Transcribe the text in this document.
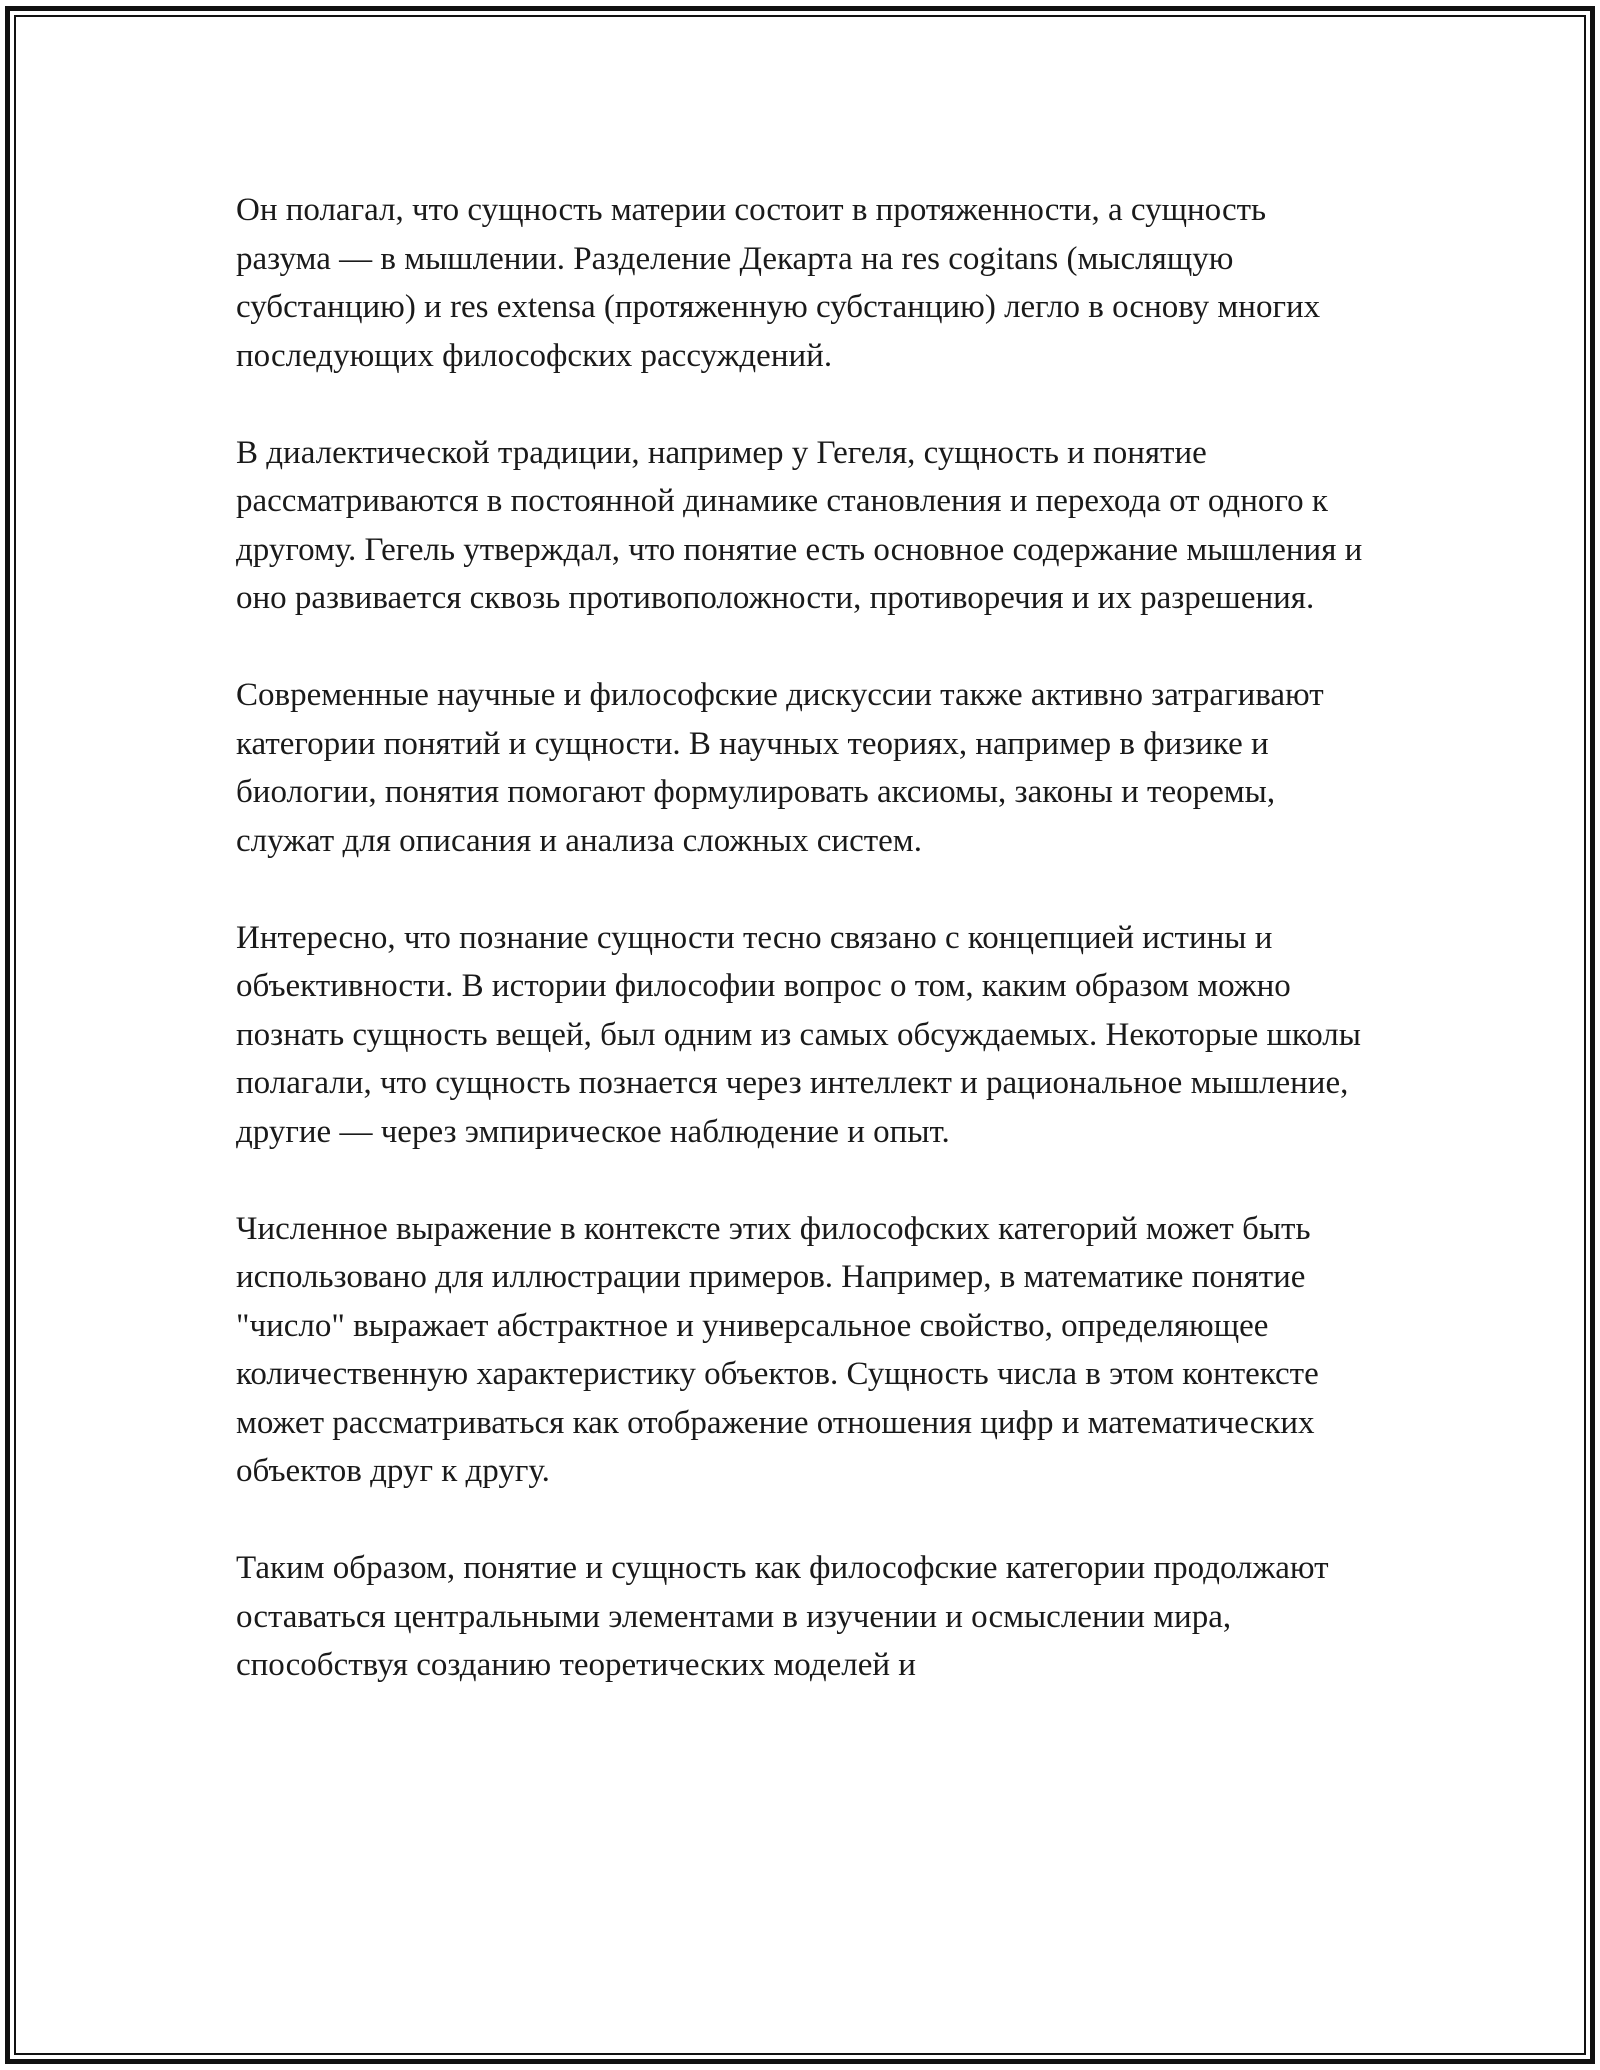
Он полагал, что сущность материи состоит в протяженности, а сущность разума — в мышлении. Разделение Декарта на res cogitans (мыслящую субстанцию) и res extensa (протяженную субстанцию) легло в основу многих последующих философских рассуждений.

В диалектической традиции, например у Гегеля, сущность и понятие рассматриваются в постоянной динамике становления и перехода от одного к другому. Гегель утверждал, что понятие есть основное содержание мышления и оно развивается сквозь противоположности, противоречия и их разрешения.

Современные научные и философские дискуссии также активно затрагивают категории понятий и сущности. В научных теориях, например в физике и биологии, понятия помогают формулировать аксиомы, законы и теоремы, служат для описания и анализа сложных систем.

Интересно, что познание сущности тесно связано с концепцией истины и объективности. В истории философии вопрос о том, каким образом можно познать сущность вещей, был одним из самых обсуждаемых. Некоторые школы полагали, что сущность познается через интеллект и рациональное мышление, другие — через эмпирическое наблюдение и опыт.

Численное выражение в контексте этих философских категорий может быть использовано для иллюстрации примеров. Например, в математике понятие "число" выражает абстрактное и универсальное свойство, определяющее количественную характеристику объектов. Сущность числа в этом контексте может рассматриваться как отображение отношения цифр и математических объектов друг к другу.

Таким образом, понятие и сущность как философские категории продолжают оставаться центральными элементами в изучении и осмыслении мира, способствуя созданию теоретических моделей и
